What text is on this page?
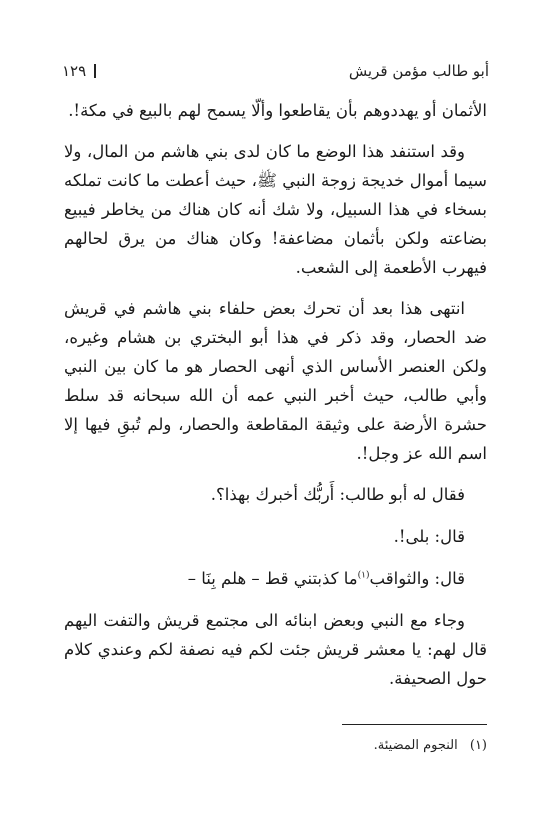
أبو طالب مؤمن قريش
١٢٩

الأثمان أو يهددوهم بأن يقاطعوا وألّا يسمح لهم بالبيع في مكة!.

وقد استنفد هذا الوضع ما كان لدى بني هاشم من المال، ولا سيما أموال خديجة زوجة النبي ﷺ، حيث أعطت ما كانت تملكه بسخاء في هذا السبيل، ولا شك أنه كان هناك من يخاطر فيبيع بضاعته ولكن بأثمان مضاعفة! وكان هناك من يرق لحالهم فيهرب الأطعمة إلى الشعب.

انتهى هذا بعد أن تحرك بعض حلفاء بني هاشم في قريش ضد الحصار، وقد ذكر في هذا أبو البختري بن هشام وغيره، ولكن العنصر الأساس الذي أنهى الحصار هو ما كان بين النبي وأبي طالب، حيث أخبر النبي عمه أن الله سبحانه قد سلط حشرة الأرضة على وثيقة المقاطعة والحصار، ولم تُبقِ فيها إلا اسم الله عز وجل!.

فقال له أبو طالب: أَربُّك أخبرك بهذا؟.

قال: بلى!.

قال: والثواقب$^{(١)}$ما كذبتني قط – هلم بِنَا –

وجاء مع النبي وبعض ابنائه الى مجتمع قريش والتفت اليهم قال لهم: يا معشر قريش جئت لكم فيه نصفة لكم وعندي كلام حول الصحيفة.

(١) النجوم المضيئة.
